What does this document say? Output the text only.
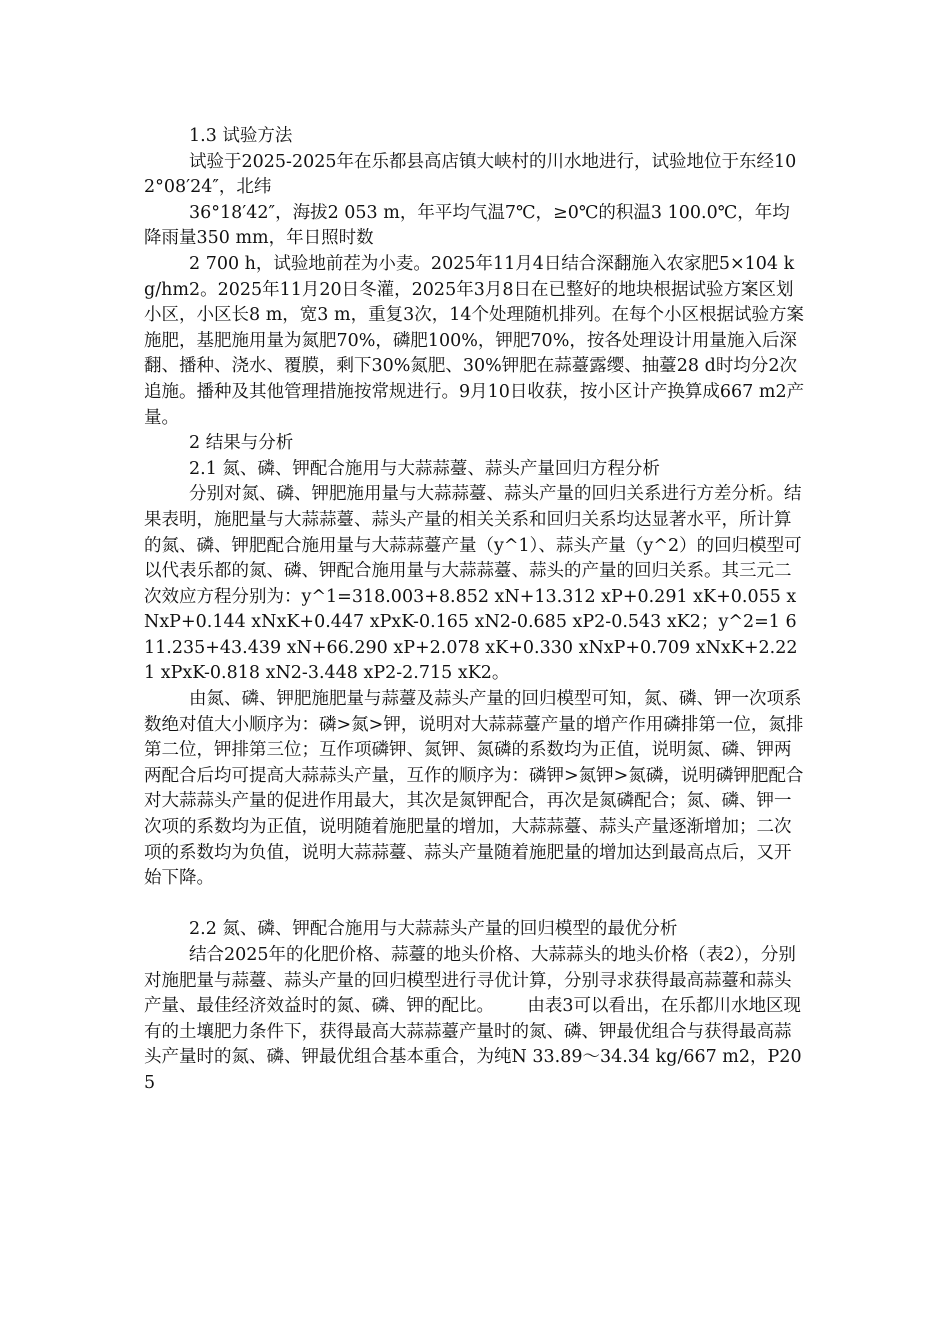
1.3 试验方法

试验于2025-2025年在乐都县高店镇大峡村的川水地进行，试验地位于东经102°08′24″，北纬

36°18′42″，海拔2 053 m，年平均气温7℃，≥0℃的积温3 100.0℃，年均降雨量350 mm，年日照时数

2 700 h，试验地前茬为小麦。2025年11月4日结合深翻施入农家肥5×104 kg/hm2。2025年11月20日冬灌，2025年3月8日在已整好的地块根据试验方案区划小区，小区长8 m，宽3 m，重复3次，14个处理随机排列。在每个小区根据试验方案施肥，基肥施用量为氮肥70%，磷肥100%，钾肥70%，按各处理设计用量施入后深翻、播种、浇水、覆膜，剩下30%氮肥、30%钾肥在蒜薹露缨、抽薹28 d时均分2次追施。播种及其他管理措施按常规进行。9月10日收获，按小区计产换算成667 m2产量。

2 结果与分析

2.1 氮、磷、钾配合施用与大蒜蒜薹、蒜头产量回归方程分析

分别对氮、磷、钾肥施用量与大蒜蒜薹、蒜头产量的回归关系进行方差分析。结果表明，施肥量与大蒜蒜薹、蒜头产量的相关关系和回归关系均达显著水平，所计算的氮、磷、钾肥配合施用量与大蒜蒜薹产量（y^1）、蒜头产量（y^2）的回归模型可以代表乐都的氮、磷、钾配合施用量与大蒜蒜薹、蒜头的产量的回归关系。其三元二次效应方程分别为：y^1=318.003+8.852 xN+13.312 xP+0.291 xK+0.055 xNxP+0.144 xNxK+0.447 xPxK-0.165 xN2-0.685 xP2-0.543 xK2；y^2=1 611.235+43.439 xN+66.290 xP+2.078 xK+0.330 xNxP+0.709 xNxK+2.221 xPxK-0.818 xN2-3.448 xP2-2.715 xK2。

由氮、磷、钾肥施肥量与蒜薹及蒜头产量的回归模型可知，氮、磷、钾一次项系数绝对值大小顺序为：磷>氮>钾，说明对大蒜蒜薹产量的增产作用磷排第一位，氮排第二位，钾排第三位；互作项磷钾、氮钾、氮磷的系数均为正值，说明氮、磷、钾两两配合后均可提高大蒜蒜头产量，互作的顺序为：磷钾>氮钾>氮磷，说明磷钾肥配合对大蒜蒜头产量的促进作用最大，其次是氮钾配合，再次是氮磷配合；氮、磷、钾一次项的系数均为正值，说明随着施肥量的增加，大蒜蒜薹、蒜头产量逐渐增加；二次项的系数均为负值，说明大蒜蒜薹、蒜头产量随着施肥量的增加达到最高点后，又开始下降。

2.2 氮、磷、钾配合施用与大蒜蒜头产量的回归模型的最优分析

结合2025年的化肥价格、蒜薹的地头价格、大蒜蒜头的地头价格（表2），分别对施肥量与蒜薹、蒜头产量的回归模型进行寻优计算，分别寻求获得最高蒜薹和蒜头产量、最佳经济效益时的氮、磷、钾的配比。      由表3可以看出，在乐都川水地区现有的土壤肥力条件下，获得最高大蒜蒜薹产量时的氮、磷、钾最优组合与获得最高蒜头产量时的氮、磷、钾最优组合基本重合，为纯N 33.89～34.34 kg/667 m2，P205
